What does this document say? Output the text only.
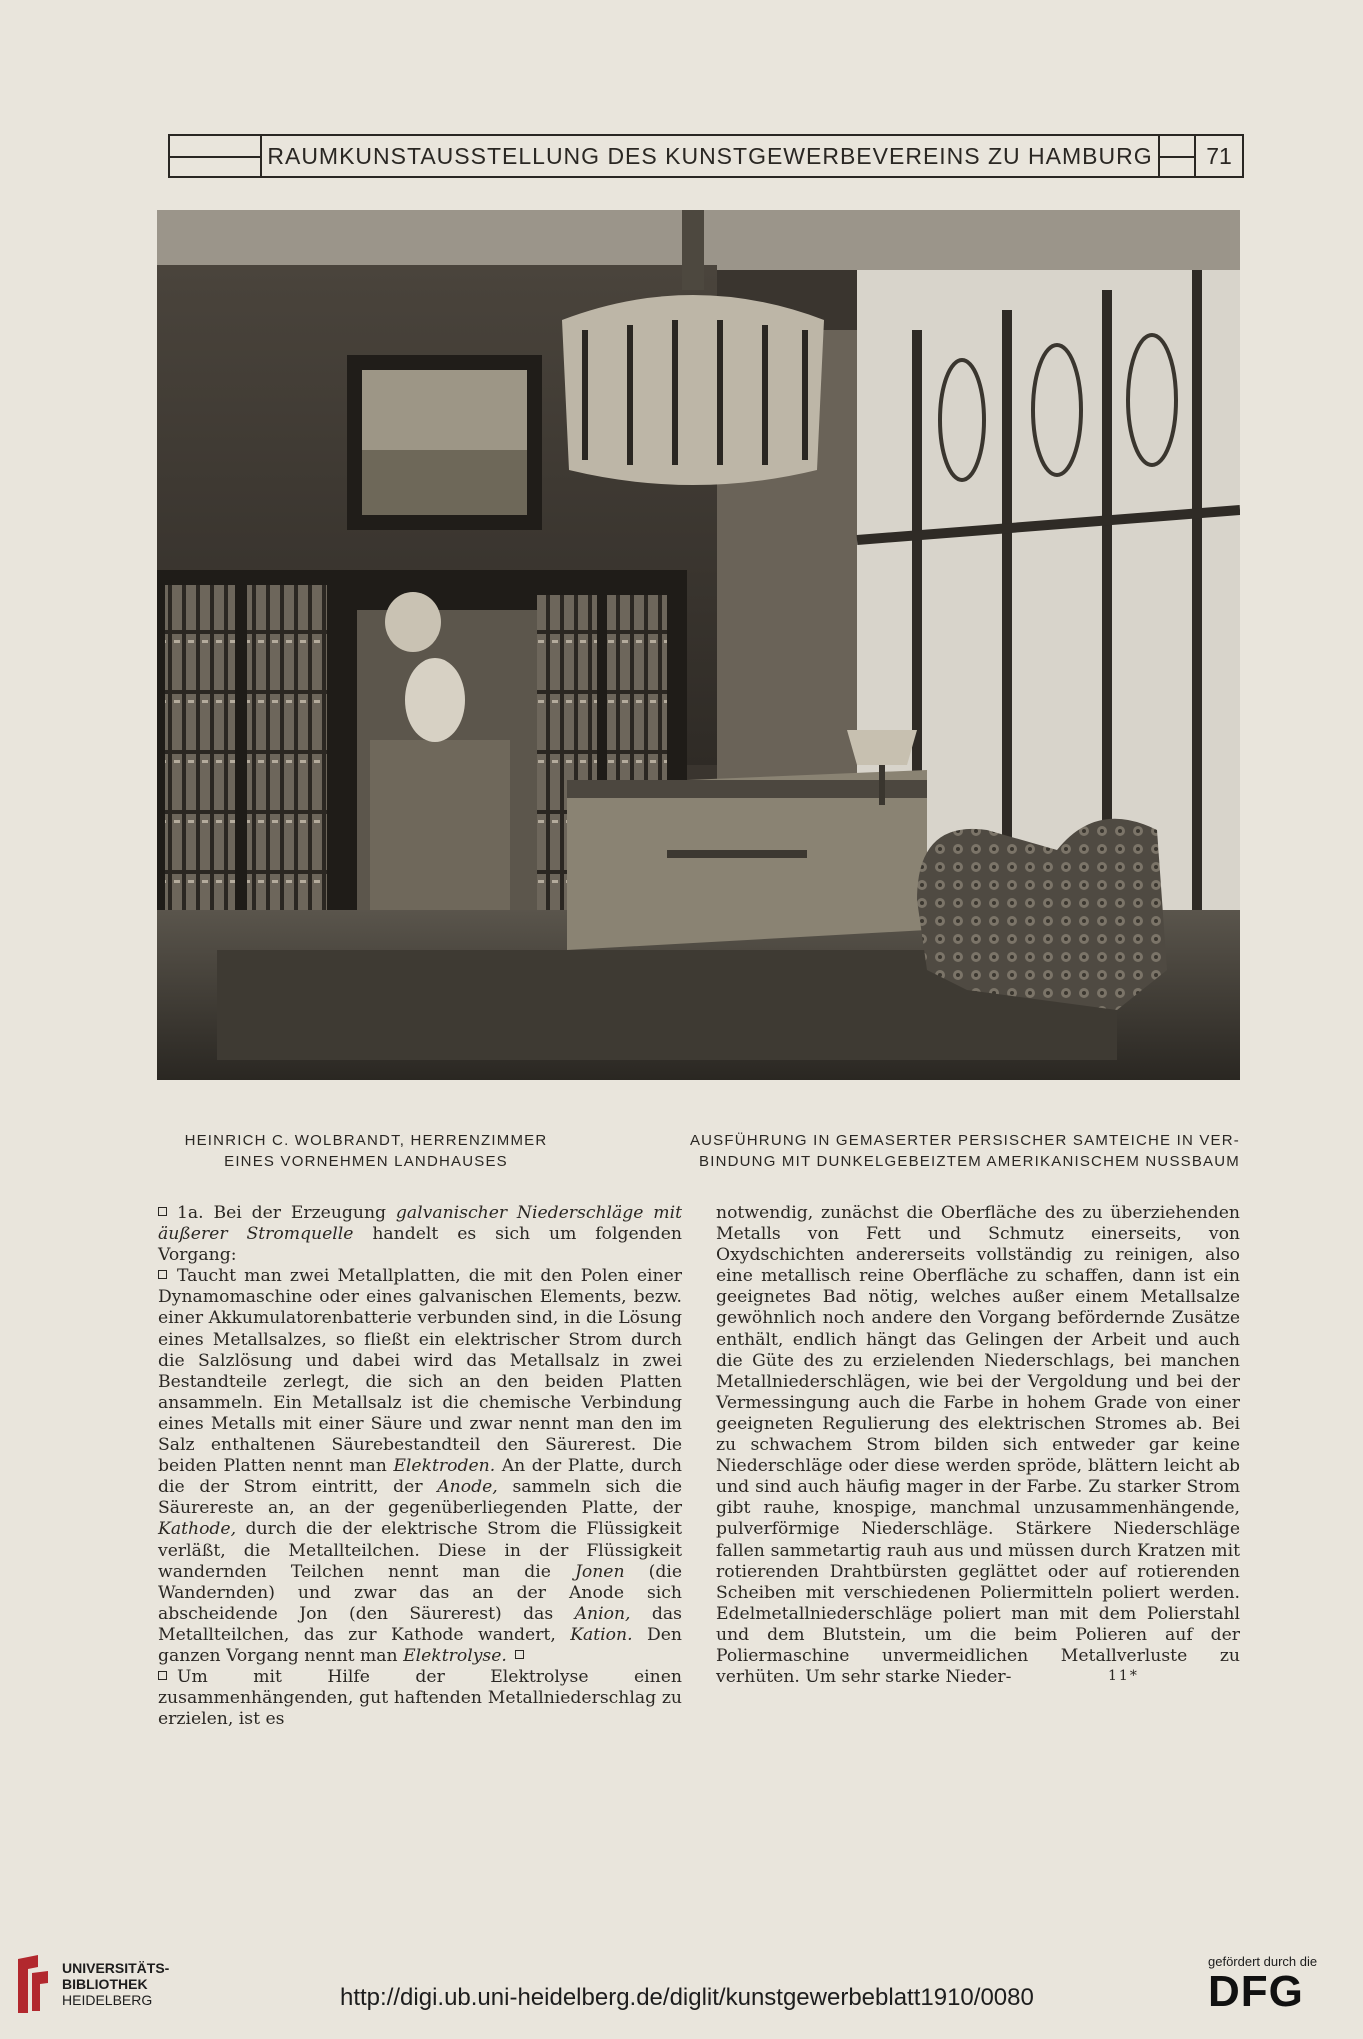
RAUMKUNSTAUSSTELLUNG DES KUNSTGEWERBEVEREINS ZU HAMBURG	71
HEINRICH C. WOLBRANDT, HERRENZIMMER
EINES VORNEHMEN LANDHAUSES
AUSFÜHRUNG IN GEMASERTER PERSISCHER SAMTEICHE IN VER-
BINDUNG MIT DUNKELGEBEIZTEM AMERIKANISCHEM NUSSBAUM

1a. Bei der Erzeugung galvanischer Niederschläge mit äußerer Stromquelle handelt es sich um folgenden Vorgang:

Taucht man zwei Metallplatten, die mit den Polen einer Dynamomaschine oder eines galvanischen Elements, bezw. einer Akkumulatorenbatterie verbunden sind, in die Lösung eines Metallsalzes, so fließt ein elektrischer Strom durch die Salzlösung und dabei wird das Metallsalz in zwei Bestandteile zerlegt, die sich an den beiden Platten ansammeln. Ein Metallsalz ist die chemische Verbindung eines Metalls mit einer Säure und zwar nennt man den im Salz enthaltenen Säurebestandteil den Säurerest. Die beiden Platten nennt man Elektroden. An der Platte, durch die der Strom eintritt, der Anode, sammeln sich die Säurereste an, an der gegenüberliegenden Platte, der Kathode, durch die der elektrische Strom die Flüssigkeit verläßt, die Metallteilchen. Diese in der Flüssigkeit wandernden Teilchen nennt man die Jonen (die Wandernden) und zwar das an der Anode sich abscheidende Jon (den Säurerest) das Anion, das Metallteilchen, das zur Kathode wandert, Kation. Den ganzen Vorgang nennt man Elektrolyse.

Um mit Hilfe der Elektrolyse einen zusammenhängenden, gut haftenden Metallniederschlag zu erzielen, ist es

notwendig, zunächst die Oberfläche des zu überziehenden Metalls von Fett und Schmutz einerseits, von Oxydschichten andererseits vollständig zu reinigen, also eine metallisch reine Oberfläche zu schaffen, dann ist ein geeignetes Bad nötig, welches außer einem Metallsalze gewöhnlich noch andere den Vorgang befördernde Zusätze enthält, endlich hängt das Gelingen der Arbeit und auch die Güte des zu erzielenden Niederschlags, bei manchen Metallniederschlägen, wie bei der Vergoldung und bei der Vermessingung auch die Farbe in hohem Grade von einer geeigneten Regulierung des elektrischen Stromes ab. Bei zu schwachem Strom bilden sich entweder gar keine Niederschläge oder diese werden spröde, blättern leicht ab und sind auch häufig mager in der Farbe. Zu starker Strom gibt rauhe, knospige, manchmal unzusammenhängende, pulverförmige Niederschläge. Stärkere Niederschläge fallen sammetartig rauh aus und müssen durch Kratzen mit rotierenden Drahtbürsten geglättet oder auf rotierenden Scheiben mit verschiedenen Poliermitteln poliert werden. Edelmetallniederschläge poliert man mit dem Polierstahl und dem Blutstein, um die beim Polieren auf der Poliermaschine unvermeidlichen Metallverluste zu verhüten. Um sehr starke Nieder-	11*
UNIVERSITÄTS-
BIBLIOTHEK
HEIDELBERG	http://digi.ub.uni-heidelberg.de/diglit/kunstgewerbeblatt1910/0080
gefördert durch die
DFG
